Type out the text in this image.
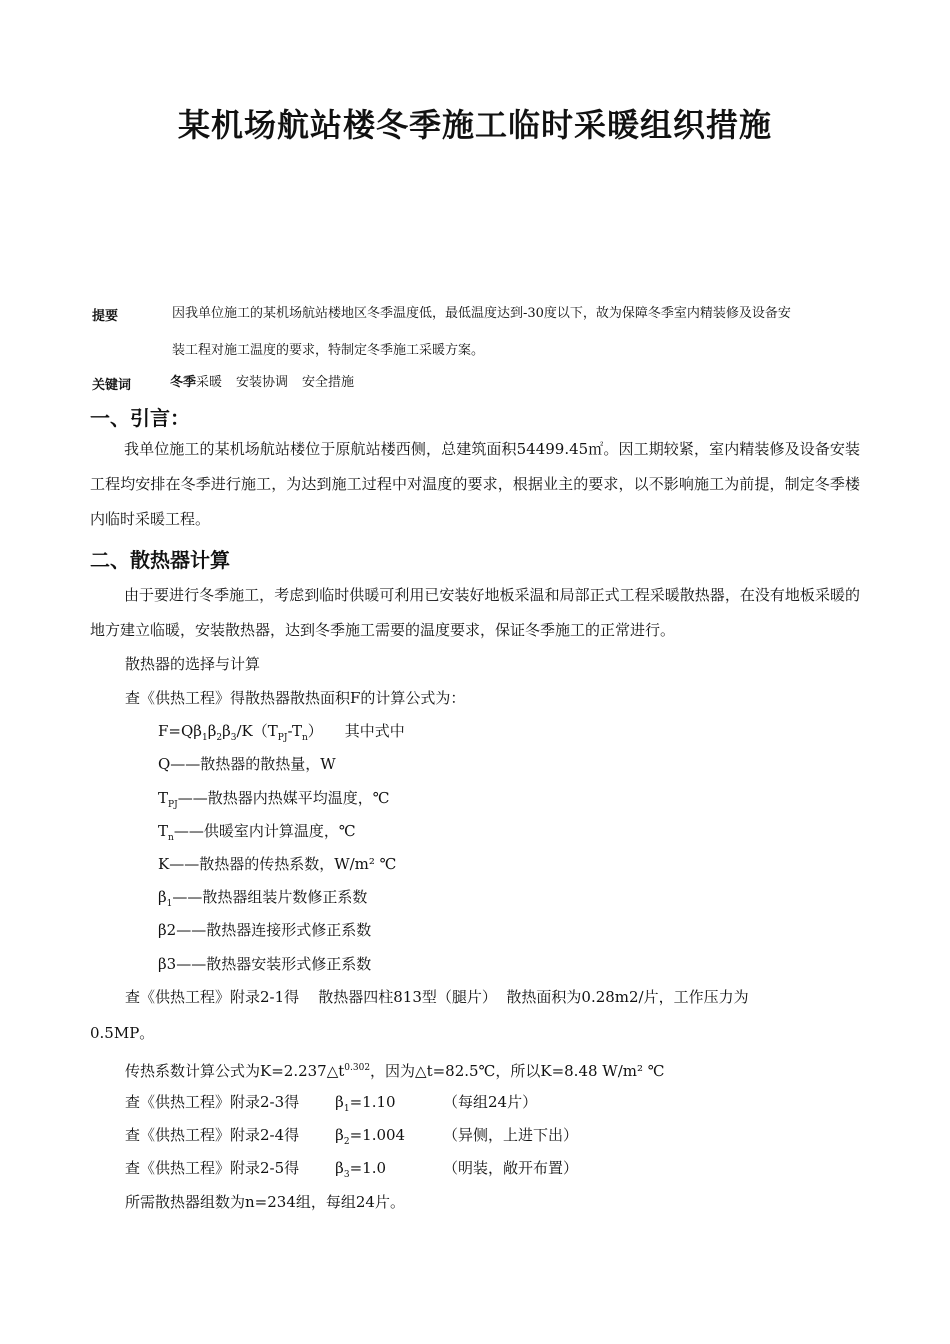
某机场航站楼冬季施工临时采暖组织措施
提要	因我单位施工的某机场航站楼地区冬季温度低，最低温度达到-30度以下，故为保障冬季室内精装修及设备安
装工程对施工温度的要求，特制定冬季施工采暖方案。
关键词	冬季采暖 安装协调 安全措施
一、引言：
我单位施工的某机场航站楼位于原航站楼西侧，总建筑面积54499.45㎡。因工期较紧，室内精装修及设备安装工程均安排在冬季进行施工，为达到施工过程中对温度的要求，根据业主的要求，以不影响施工为前提，制定冬季楼内临时采暖工程。
二、散热器计算
由于要进行冬季施工，考虑到临时供暖可利用已安装好地板采温和局部正式工程采暖散热器，在没有地板采暖的地方建立临暖，安装散热器，达到冬季施工需要的温度要求，保证冬季施工的正常进行。
散热器的选择与计算
查《供热工程》得散热器散热面积F的计算公式为：
$F=Q\beta_1\beta_2\beta_3/K(T_{PJ}-T_n)$ 其中式中
Q——散热器的散热量，W
$T_{PJ}——$散热器内热媒平均温度，℃
$T_n——$供暖室内计算温度，℃
K——散热器的传热系数，W/m² ℃
$\beta_1——$散热器组装片数修正系数
β2——散热器连接形式修正系数
β3——散热器安装形式修正系数
查《供热工程》附录2-1得    散热器四柱813型（腿片）  散热面积为0.28m2/片，工作压力为
0.5MP。
传热系数计算公式为$K=2.237\triangle t^{0.302}$，因为△t=82.5℃，所以K=8.48 W/m² ℃
查《供热工程》附录2-3得 $\beta_1=1.10$	（每组24片）
查《供热工程》附录2-4得 $\beta_2=1.004$	（异侧，上进下出）
查《供热工程》附录2-5得 $\beta_3=1.0$	（明装，敞开布置）
所需散热器组数为n=234组，每组24片。
